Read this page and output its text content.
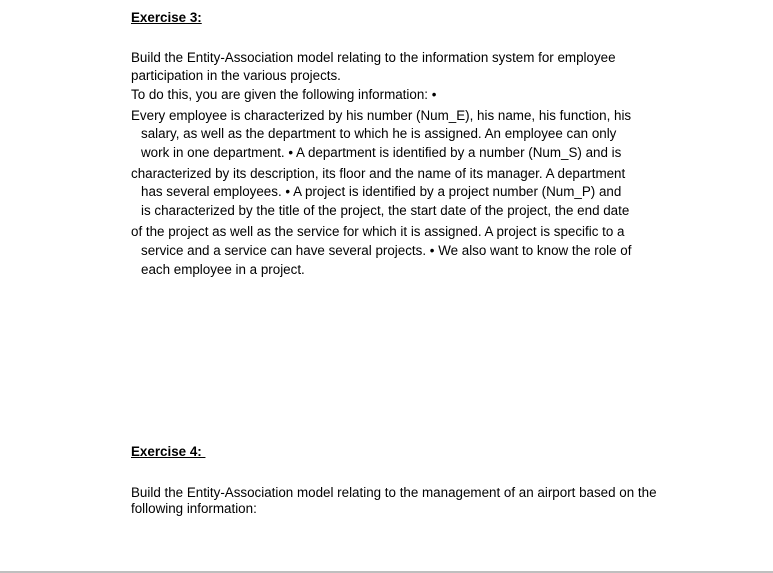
Exercise 3:
Build the Entity-Association model relating to the information system for employee
participation in the various projects.
To do this, you are given the following information: •
Every employee is characterized by his number (Num_E), his name, his function, his
salary, as well as the department to which he is assigned. An employee can only
work in one department. • A department is identified by a number (Num_S) and is
characterized by its description, its floor and the name of its manager. A department
has several employees. • A project is identified by a project number (Num_P) and
is characterized by the title of the project, the start date of the project, the end date
of the project as well as the service for which it is assigned. A project is specific to a
service and a service can have several projects. • We also want to know the role of
each employee in a project.
Exercise 4:
Build the Entity-Association model relating to the management of an airport based on the
following information:
